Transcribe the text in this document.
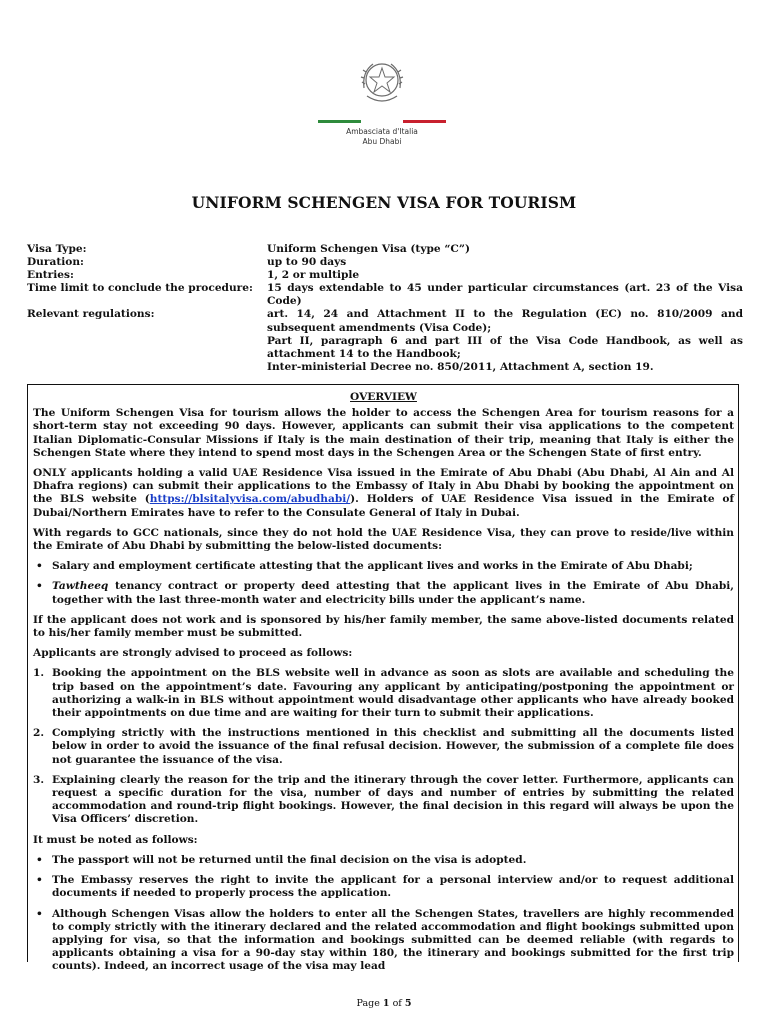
Ambasciata d'Italia
Abu Dhabi
UNIFORM SCHENGEN VISA FOR TOURISM
Visa Type:	Uniform Schengen Visa (type “C”)

Duration:	up to 90 days

Entries:	1, 2 or multiple

Time limit to conclude the procedure:	15 days extendable to 45 under particular circumstances (art. 23 of the Visa Code)

Relevant regulations:	art. 14, 24 and Attachment II to the Regulation (EC) no. 810/2009 and subsequent amendments (Visa Code);

Part II, paragraph 6 and part III of the Visa Code Handbook, as well as attachment 14 to the Handbook;

Inter-ministerial Decree no. 850/2011, Attachment A, section 19.

OVERVIEW

The Uniform Schengen Visa for tourism allows the holder to access the Schengen Area for tourism reasons for a short-term stay not exceeding 90 days. However, applicants can submit their visa applications to the competent Italian Diplomatic-Consular Missions if Italy is the main destination of their trip, meaning that Italy is either the Schengen State where they intend to spend most days in the Schengen Area or the Schengen State of first entry.

ONLY applicants holding a valid UAE Residence Visa issued in the Emirate of Abu Dhabi (Abu Dhabi, Al Ain and Al Dhafra regions) can submit their applications to the Embassy of Italy in Abu Dhabi by booking the appointment on the BLS website (https://blsitalyvisa.com/abudhabi/). Holders of UAE Residence Visa issued in the Emirate of Dubai/Northern Emirates have to refer to the Consulate General of Italy in Dubai.

With regards to GCC nationals, since they do not hold the UAE Residence Visa, they can prove to reside/live within the Emirate of Abu Dhabi by submitting the below-listed documents:

• Salary and employment certificate attesting that the applicant lives and works in the Emirate of Abu Dhabi;
• Tawtheeq tenancy contract or property deed attesting that the applicant lives in the Emirate of Abu Dhabi, together with the last three-month water and electricity bills under the applicant’s name.

If the applicant does not work and is sponsored by his/her family member, the same above-listed documents related to his/her family member must be submitted.

Applicants are strongly advised to proceed as follows:

1. Booking the appointment on the BLS website well in advance as soon as slots are available and scheduling the trip based on the appointment’s date. Favouring any applicant by anticipating/postponing the appointment or authorizing a walk-in in BLS without appointment would disadvantage other applicants who have already booked their appointments on due time and are waiting for their turn to submit their applications.
2. Complying strictly with the instructions mentioned in this checklist and submitting all the documents listed below in order to avoid the issuance of the final refusal decision. However, the submission of a complete file does not guarantee the issuance of the visa.
3. Explaining clearly the reason for the trip and the itinerary through the cover letter. Furthermore, applicants can request a specific duration for the visa, number of days and number of entries by submitting the related accommodation and round-trip flight bookings. However, the final decision in this regard will always be upon the Visa Officers’ discretion.

It must be noted as follows:

• The passport will not be returned until the final decision on the visa is adopted.
• The Embassy reserves the right to invite the applicant for a personal interview and/or to request additional documents if needed to properly process the application.
• Although Schengen Visas allow the holders to enter all the Schengen States, travellers are highly recommended to comply strictly with the itinerary declared and the related accommodation and flight bookings submitted upon applying for visa, so that the information and bookings submitted can be deemed reliable (with regards to applicants obtaining a visa for a 90-day stay within 180, the itinerary and bookings submitted for the first trip counts). Indeed, an incorrect usage of the visa may lead
Page 1 of 5
